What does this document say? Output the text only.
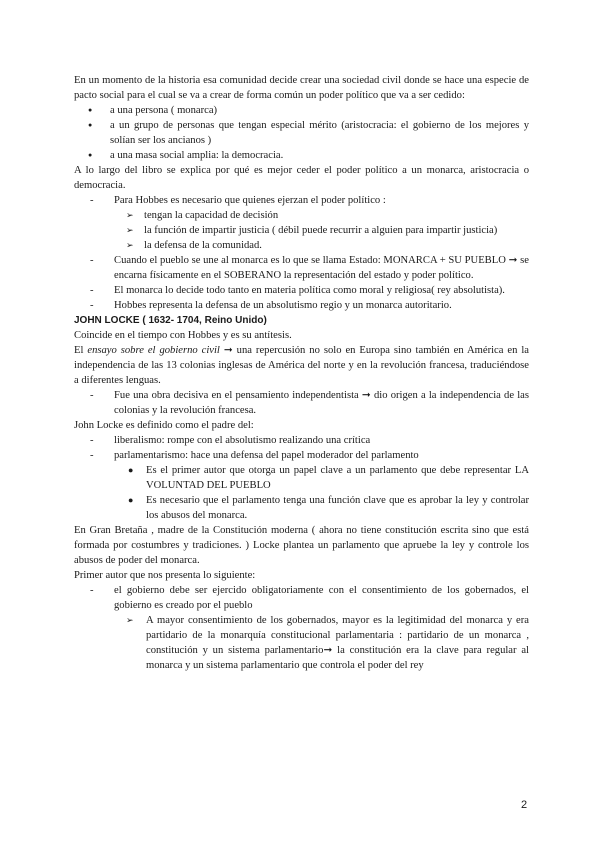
En un momento de la historia esa comunidad decide crear una sociedad civil donde se hace una especie de pacto social para el cual se va a crear de forma común un poder político que va a ser cedido:

● a una persona ( monarca)

● a un grupo de personas que tengan especial mérito (aristocracia: el gobierno de los mejores y solían ser los ancianos )

● a una masa social amplia: la democracia.

A lo largo del libro se explica por qué es mejor ceder el poder político a un monarca, aristocracia o democracia.

- Para Hobbes es necesario que quienes ejerzan el poder político :

➢ tengan la capacidad de decisión

➢ la función de impartir justicia ( débil puede recurrir a alguien para impartir justicia)

➢ la defensa de la comunidad.

- Cuando el pueblo se une al monarca es lo que se llama Estado: MONARCA + SU PUEBLO ➞ se encarna físicamente en el SOBERANO la representación del estado y poder político.

- El monarca lo decide todo tanto en materia política como moral y religiosa( rey absolutista).

- Hobbes representa la defensa de un absolutismo regio y un monarca autoritario.

JOHN LOCKE ( 1632- 1704, Reino Unido)

Coincide en el tiempo con Hobbes y es su antítesis.

El ensayo sobre el gobierno civil ➞ una repercusión no solo en Europa sino también en América en la independencia de las 13 colonias inglesas de América del norte y en la revolución francesa, traduciéndose a diferentes lenguas.

- Fue una obra decisiva en el pensamiento independentista ➞ dio origen a la independencia de las colonias y la revolución francesa.

John Locke es definido como el padre del:

- liberalismo: rompe con el absolutismo realizando una crítica

- parlamentarismo: hace una defensa del papel moderador del parlamento

● Es el primer autor que otorga un papel clave a un parlamento que debe representar LA VOLUNTAD DEL PUEBLO

● Es necesario que el parlamento tenga una función clave que es aprobar la ley y controlar los abusos del monarca.

En Gran Bretaña , madre de la Constitución moderna ( ahora no tiene constitución escrita sino que está formada por costumbres y tradiciones. ) Locke plantea un parlamento que apruebe la ley y controle los abusos de poder del monarca.

Primer autor que nos presenta lo siguiente:

- el gobierno debe ser ejercido obligatoriamente con el consentimiento de los gobernados, el gobierno es creado por el pueblo

➢ A mayor consentimiento de los gobernados, mayor es la legitimidad del monarca y era partidario de la monarquía constitucional parlamentaria : partidario de un monarca , constitución y un sistema parlamentario➞ la constitución era la clave para regular al monarca y un sistema parlamentario que controla el poder del rey

2
